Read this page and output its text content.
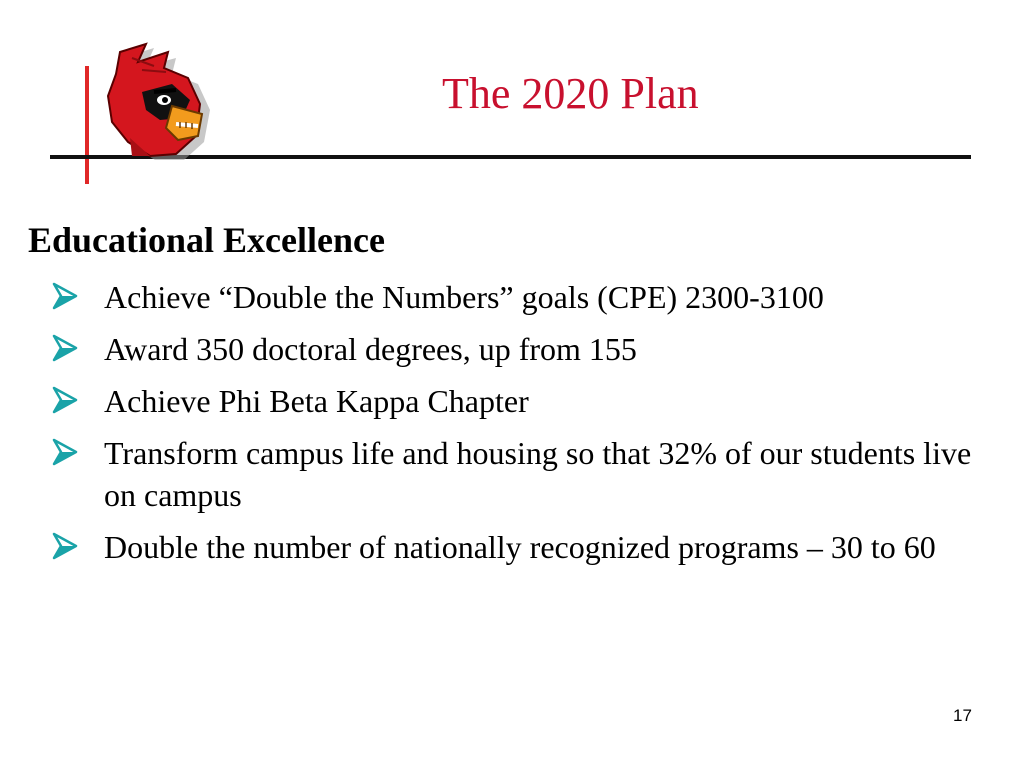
The 2020 Plan
Educational Excellence
Achieve “Double the Numbers” goals (CPE) 2300-3100
Award 350 doctoral degrees, up from 155
Achieve Phi Beta Kappa Chapter
Transform campus life and housing so that 32% of our students live on campus
Double the number of nationally recognized programs – 30 to 60
17
